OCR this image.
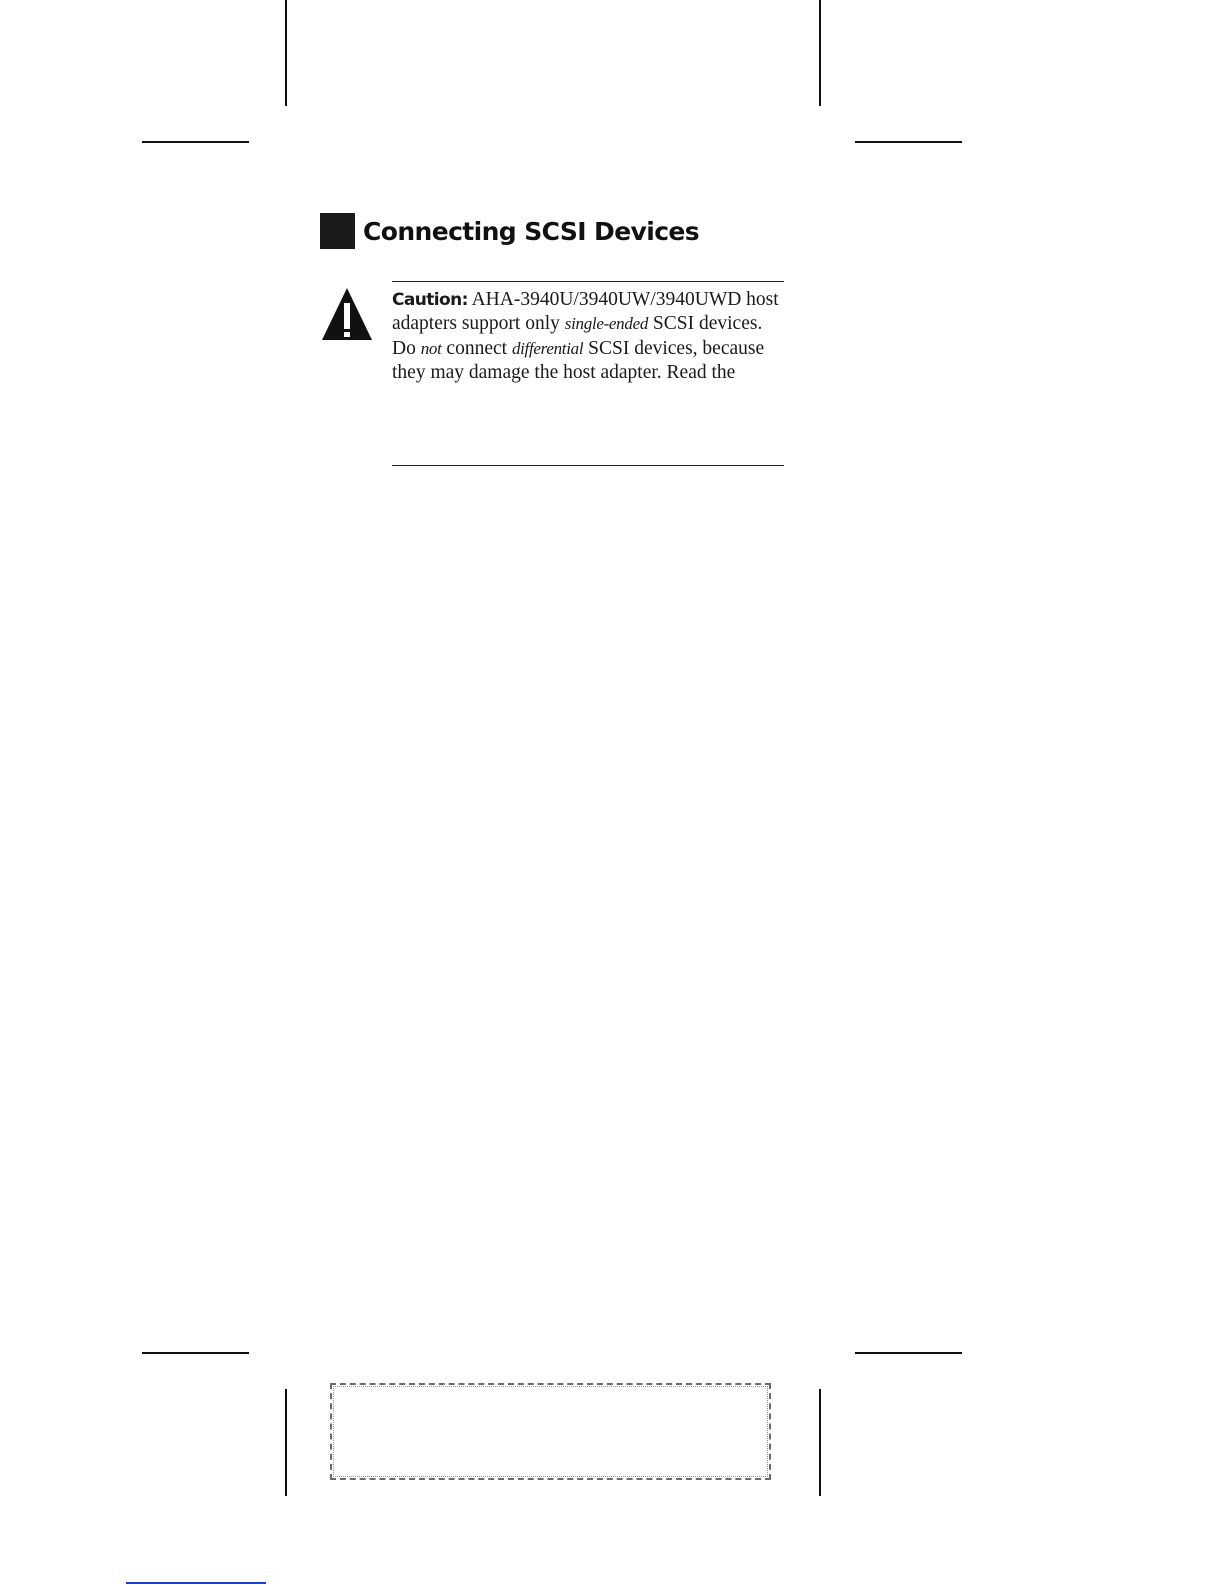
Connecting SCSI Devices
Caution: AHA-3940U/3940UW/3940UWD host adapters support only single-ended SCSI devices. Do not connect differential SCSI devices, because they may damage the host adapter. Read the
